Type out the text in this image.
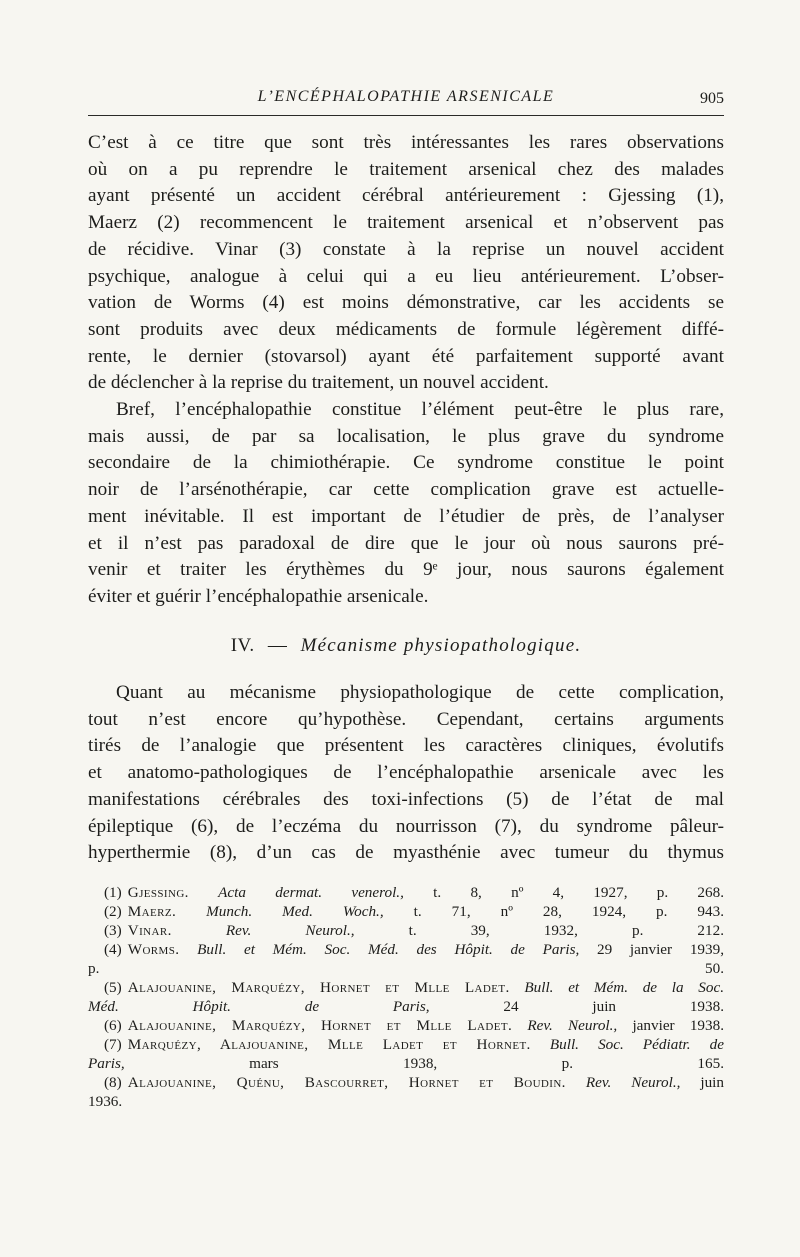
L’ENCÉPHALOPATHIE ARSENICALE	905
C’est à ce titre que sont très intéressantes les rares observations
où on a pu reprendre le traitement arsenical chez des malades
ayant présenté un accident cérébral antérieurement : Gjessing (1),
Maerz (2) recommencent le traitement arsenical et n’observent pas
de récidive. Vinar (3) constate à la reprise un nouvel accident
psychique, analogue à celui qui a eu lieu antérieurement. L’obser-
vation de Worms (4) est moins démonstrative, car les accidents se
sont produits avec deux médicaments de formule légèrement diffé-
rente, le dernier (stovarsol) ayant été parfaitement supporté avant
de déclencher à la reprise du traitement, un nouvel accident.
Bref, l’encéphalopathie constitue l’élément peut-être le plus rare,
mais aussi, de par sa localisation, le plus grave du syndrome
secondaire de la chimiothérapie. Ce syndrome constitue le point
noir de l’arsénothérapie, car cette complication grave est actuelle-
ment inévitable. Il est important de l’étudier de près, de l’analyser
et il n’est pas paradoxal de dire que le jour où nous saurons pré-
venir et traiter les érythèmes du 9ᵉ jour, nous saurons également
éviter et guérir l’encéphalopathie arsenicale.
IV. — Mécanisme physiopathologique.
Quant au mécanisme physiopathologique de cette complication,
tout n’est encore qu’hypothèse. Cependant, certains arguments
tirés de l’analogie que présentent les caractères cliniques, évolutifs
et anatomo-pathologiques de l’encéphalopathie arsenicale avec les
manifestations cérébrales des toxi-infections (5) de l’état de mal
épileptique (6), de l’eczéma du nourrisson (7), du syndrome pâleur-
hyperthermie (8), d’un cas de myasthénie avec tumeur du thymus
(1) Gjessing. Acta dermat. venerol., t. 8, nº 4, 1927, p. 268.
(2) Maerz. Munch. Med. Woch., t. 71, nº 28, 1924, p. 943.
(3) Vinar.	Rev. Neurol.,	t. 39, 1932, p. 212.
(4) Worms. Bull. et Mém. Soc. Méd. des Hôpit. de Paris, 29 janvier 1939,
p. 50.
(5) Alajouanine, Marquézy, Hornet et Mlle Ladet. Bull. et Mém. de la Soc.
Méd. Hôpit. de Paris,	24 juin 1938.
(6) Alajouanine, Marquézy, Hornet et Mlle Ladet. Rev. Neurol., janvier 1938.
(7) Marquézy, Alajouanine, Mlle Ladet et Hornet. Bull. Soc. Pédiatr. de
Paris,	mars 1938, p. 165.
(8) Alajouanine, Quénu, Bascourret, Hornet et Boudin. Rev. Neurol., juin
1936.
